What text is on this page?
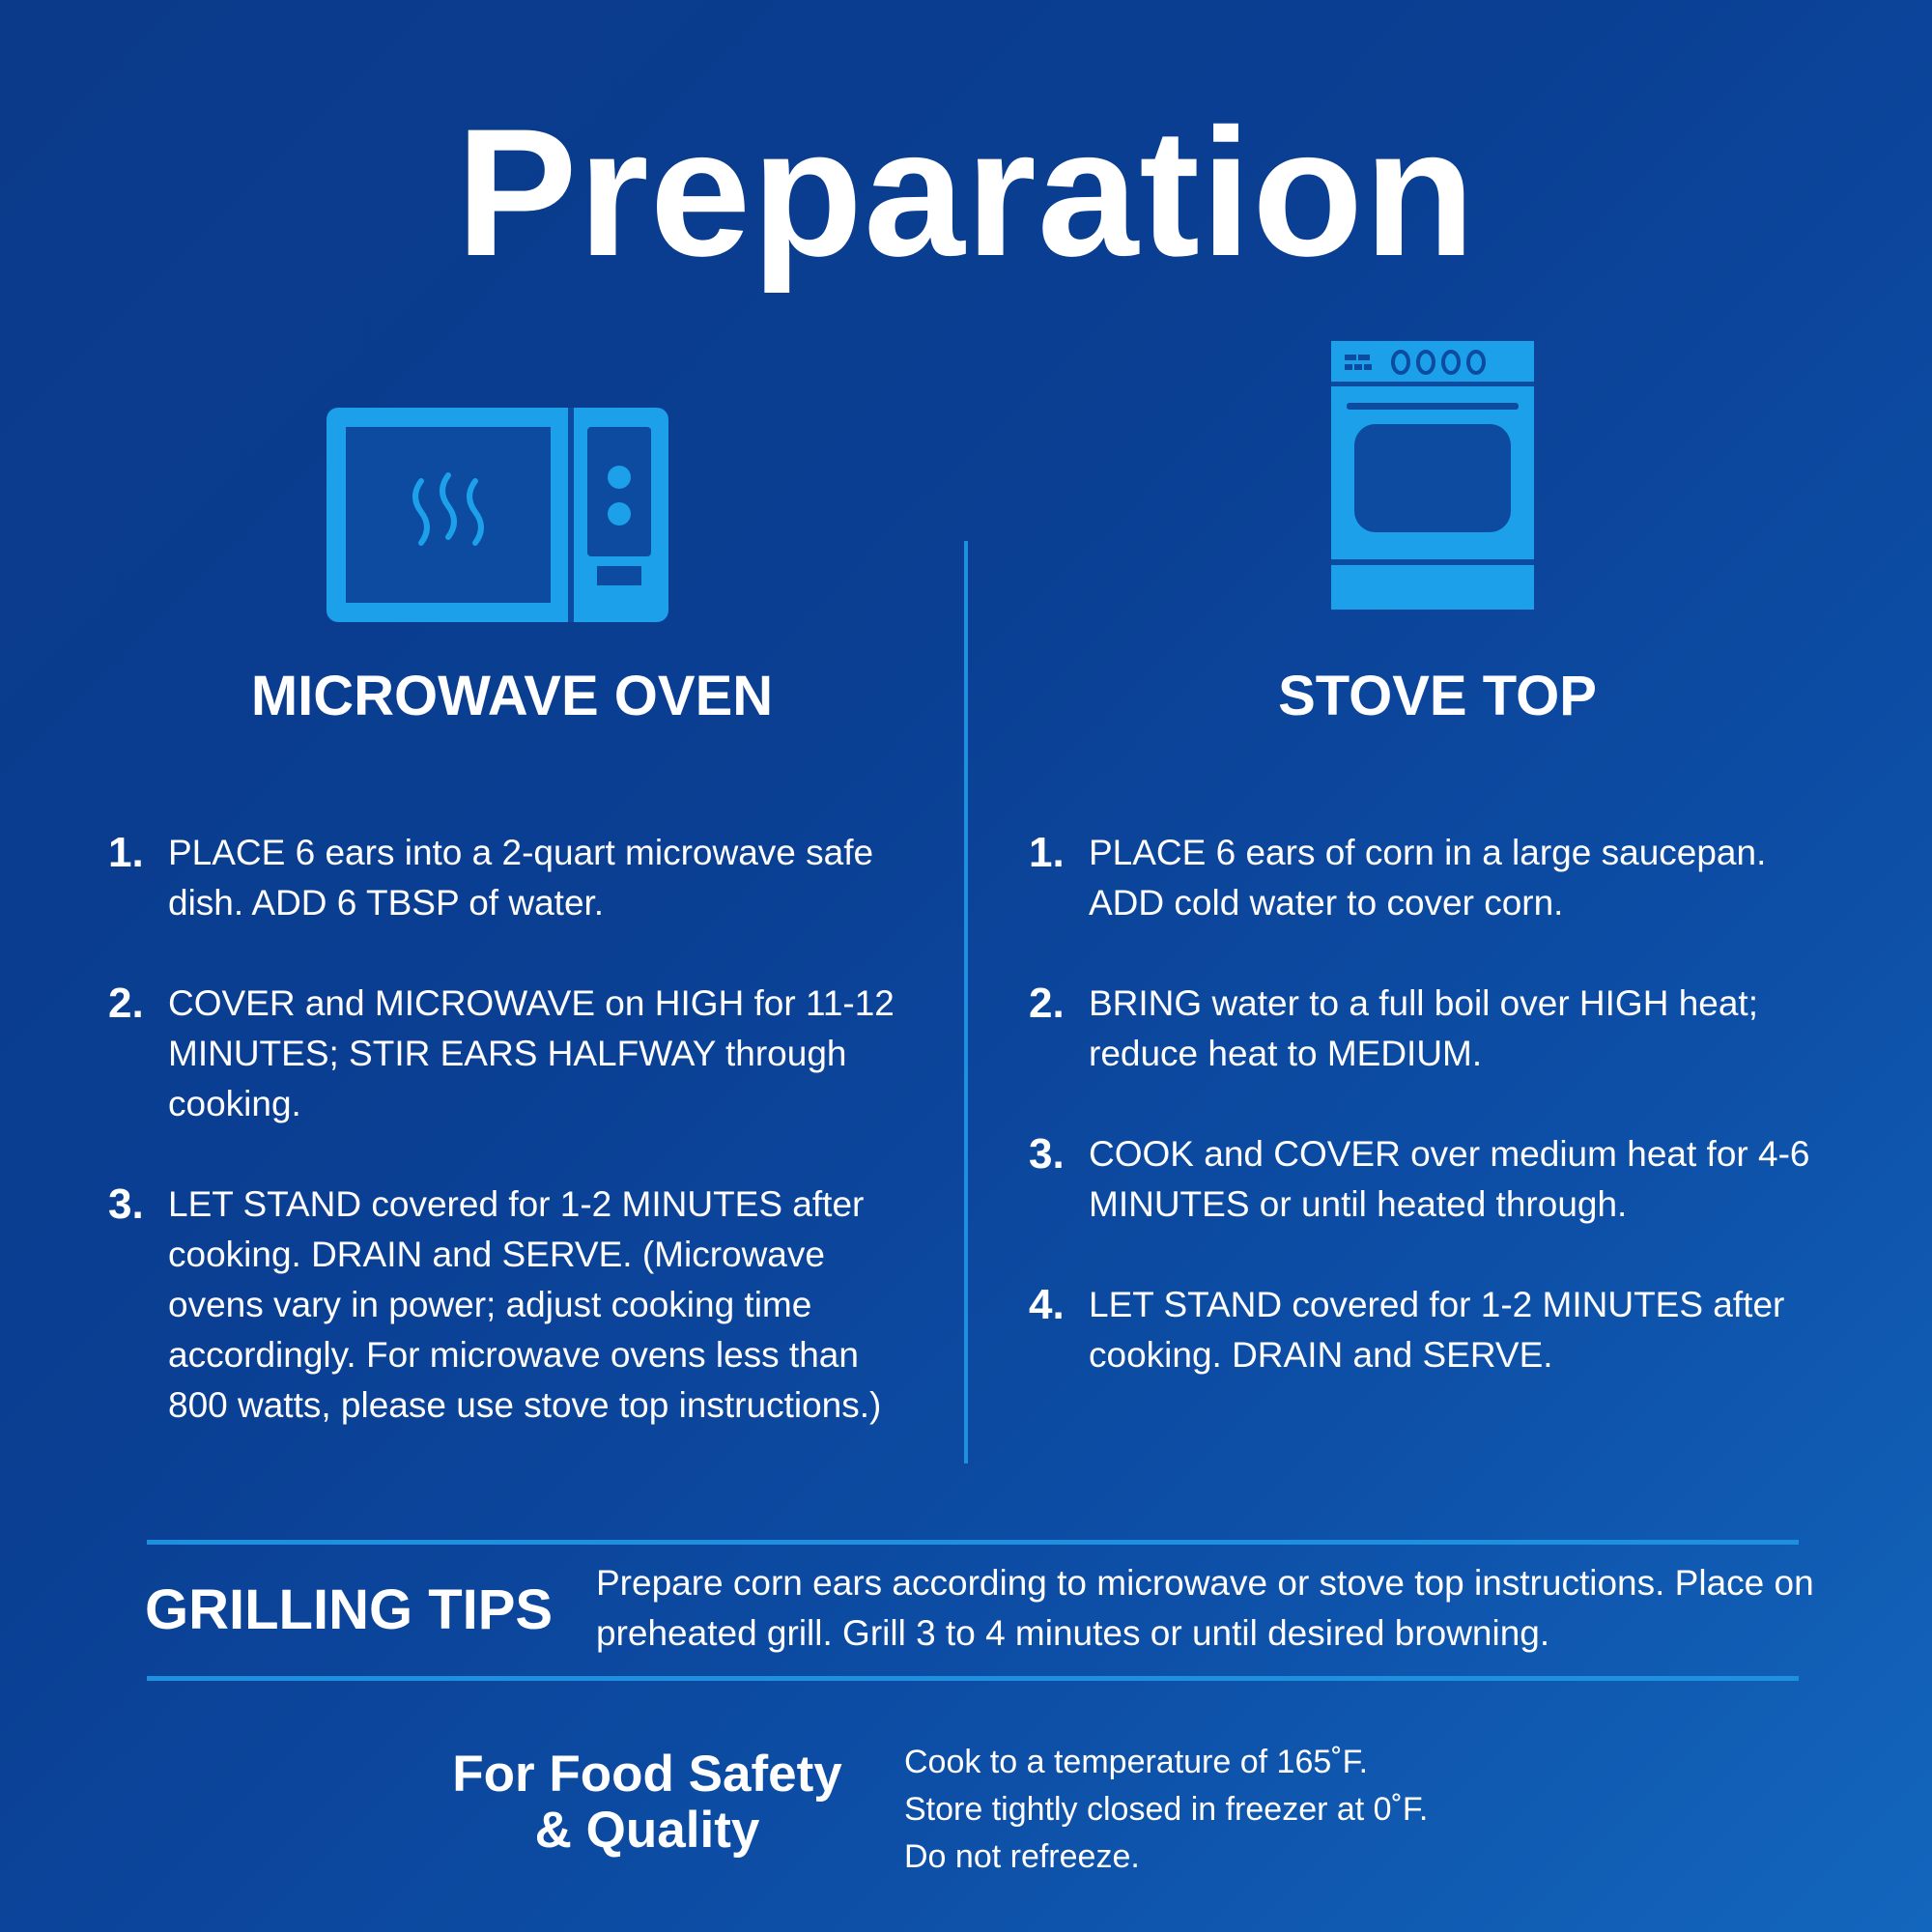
Preparation
MICROWAVE OVEN	STOVE TOP
1. PLACE 6 ears into a 2-quart microwave safe dish. ADD 6 TBSP of water.
2. COVER and MICROWAVE on HIGH for 11-12 MINUTES; STIR EARS HALFWAY through cooking.
3. LET STAND covered for 1-2 MINUTES after cooking. DRAIN and SERVE. (Microwave ovens vary in power; adjust cooking time accordingly. For microwave ovens less than 800 watts, please use stove top instructions.)
1. PLACE 6 ears of corn in a large saucepan. ADD cold water to cover corn.
2. BRING water to a full boil over HIGH heat; reduce heat to MEDIUM.
3. COOK and COVER over medium heat for 4-6 MINUTES or until heated through.
4. LET STAND covered for 1-2 MINUTES after cooking. DRAIN and SERVE.
GRILLING TIPS Prepare corn ears according to microwave or stove top instructions. Place on preheated grill. Grill 3 to 4 minutes or until desired browning.
For Food Safety
& Quality
Cook to a temperature of 165˚F.
Store tightly closed in freezer at 0˚F.
Do not refreeze.
